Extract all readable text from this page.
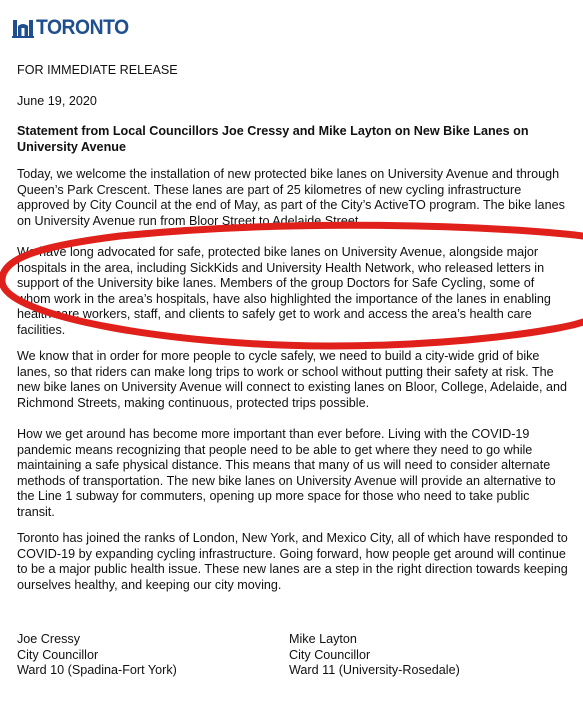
TORONTO

FOR IMMEDIATE RELEASE

June 19, 2020

Statement from Local Councillors Joe Cressy and Mike Layton on New Bike Lanes on University Avenue

Today, we welcome the installation of new protected bike lanes on University Avenue and through Queen’s Park Crescent. These lanes are part of 25 kilometres of new cycling infrastructure approved by City Council at the end of May, as part of the City’s ActiveTO program. The bike lanes on University Avenue run from Bloor Street to Adelaide Street.

We have long advocated for safe, protected bike lanes on University Avenue, alongside major hospitals in the area, including SickKids and University Health Network, who released letters in support of the University bike lanes. Members of the group Doctors for Safe Cycling, some of whom work in the area’s hospitals, have also highlighted the importance of the lanes in enabling health care workers, staff, and clients to safely get to work and access the area’s health care facilities.

We know that in order for more people to cycle safely, we need to build a city-wide grid of bike lanes, so that riders can make long trips to work or school without putting their safety at risk. The new bike lanes on University Avenue will connect to existing lanes on Bloor, College, Adelaide, and Richmond Streets, making continuous, protected trips possible.

How we get around has become more important than ever before. Living with the COVID-19 pandemic means recognizing that people need to be able to get where they need to go while maintaining a safe physical distance. This means that many of us will need to consider alternate methods of transportation. The new bike lanes on University Avenue will provide an alternative to the Line 1 subway for commuters, opening up more space for those who need to take public transit.

Toronto has joined the ranks of London, New York, and Mexico City, all of which have responded to COVID-19 by expanding cycling infrastructure. Going forward, how people get around will continue to be a major public health issue. These new lanes are a step in the right direction towards keeping ourselves healthy, and keeping our city moving.

Joe Cressy
City Councillor
Ward 10 (Spadina-Fort York)
Mike Layton
City Councillor
Ward 11 (University-Rosedale)
